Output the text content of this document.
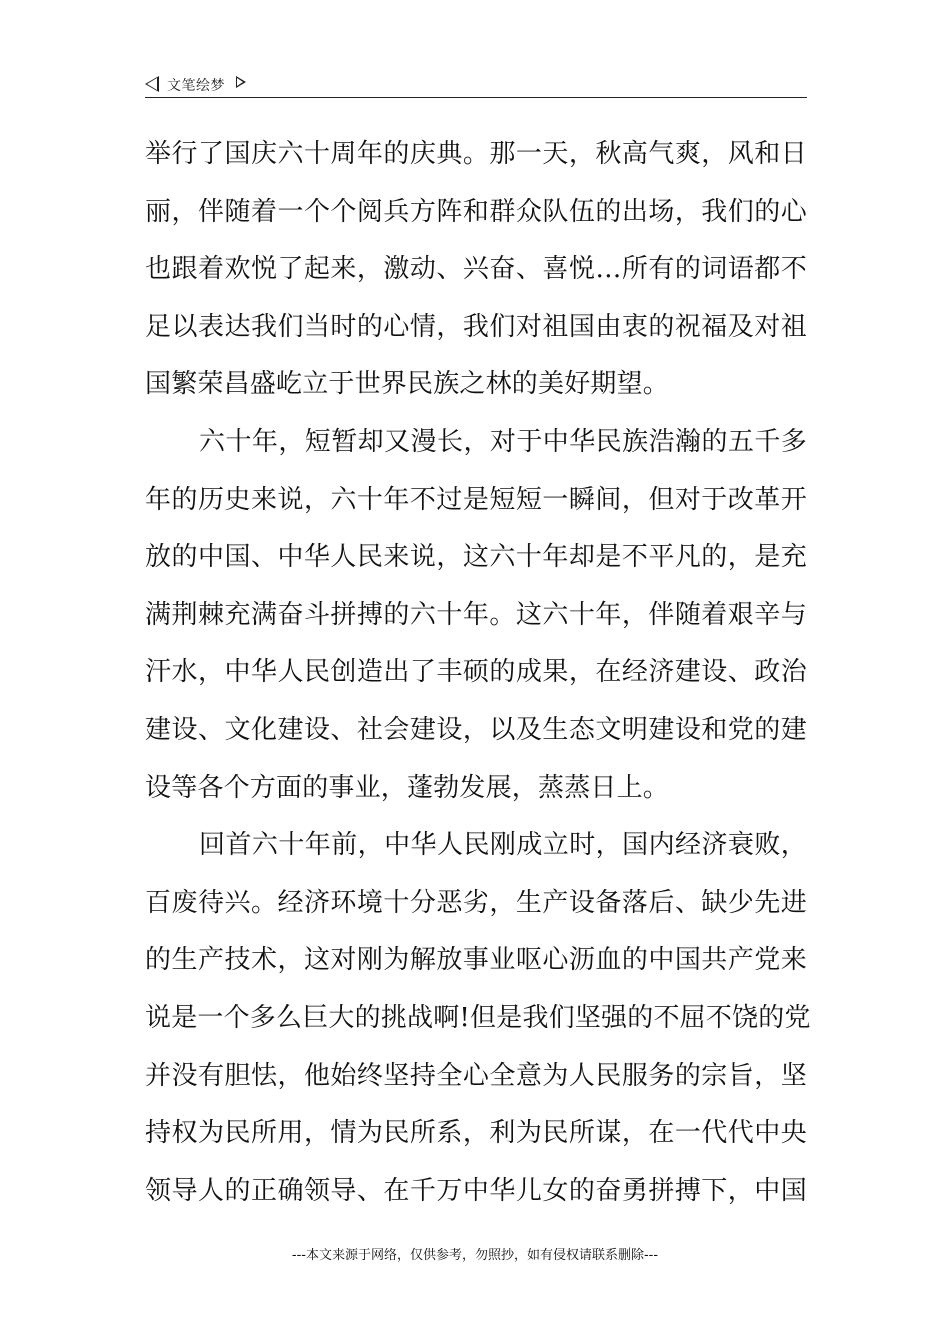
文笔绘梦
举行了国庆六十周年的庆典。那一天，秋高气爽，风和日
丽，伴随着一个个阅兵方阵和群众队伍的出场，我们的心
也跟着欢悦了起来，激动、兴奋、喜悦…所有的词语都不
足以表达我们当时的心情，我们对祖国由衷的祝福及对祖
国繁荣昌盛屹立于世界民族之林的美好期望。
六十年，短暂却又漫长，对于中华民族浩瀚的五千多
年的历史来说，六十年不过是短短一瞬间，但对于改革开
放的中国、中华人民来说，这六十年却是不平凡的，是充
满荆棘充满奋斗拼搏的六十年。这六十年，伴随着艰辛与
汗水，中华人民创造出了丰硕的成果，在经济建设、政治
建设、文化建设、社会建设，以及生态文明建设和党的建
设等各个方面的事业，蓬勃发展，蒸蒸日上。
回首六十年前，中华人民刚成立时，国内经济衰败，
百废待兴。经济环境十分恶劣，生产设备落后、缺少先进
的生产技术，这对刚为解放事业呕心沥血的中国共产党来
说是一个多么巨大的挑战啊!但是我们坚强的不屈不饶的党
并没有胆怯，他始终坚持全心全意为人民服务的宗旨，坚
持权为民所用，情为民所系，利为民所谋，在一代代中央
领导人的正确领导、在千万中华儿女的奋勇拼搏下，中国
---本文来源于网络，仅供参考，勿照抄，如有侵权请联系删除---
